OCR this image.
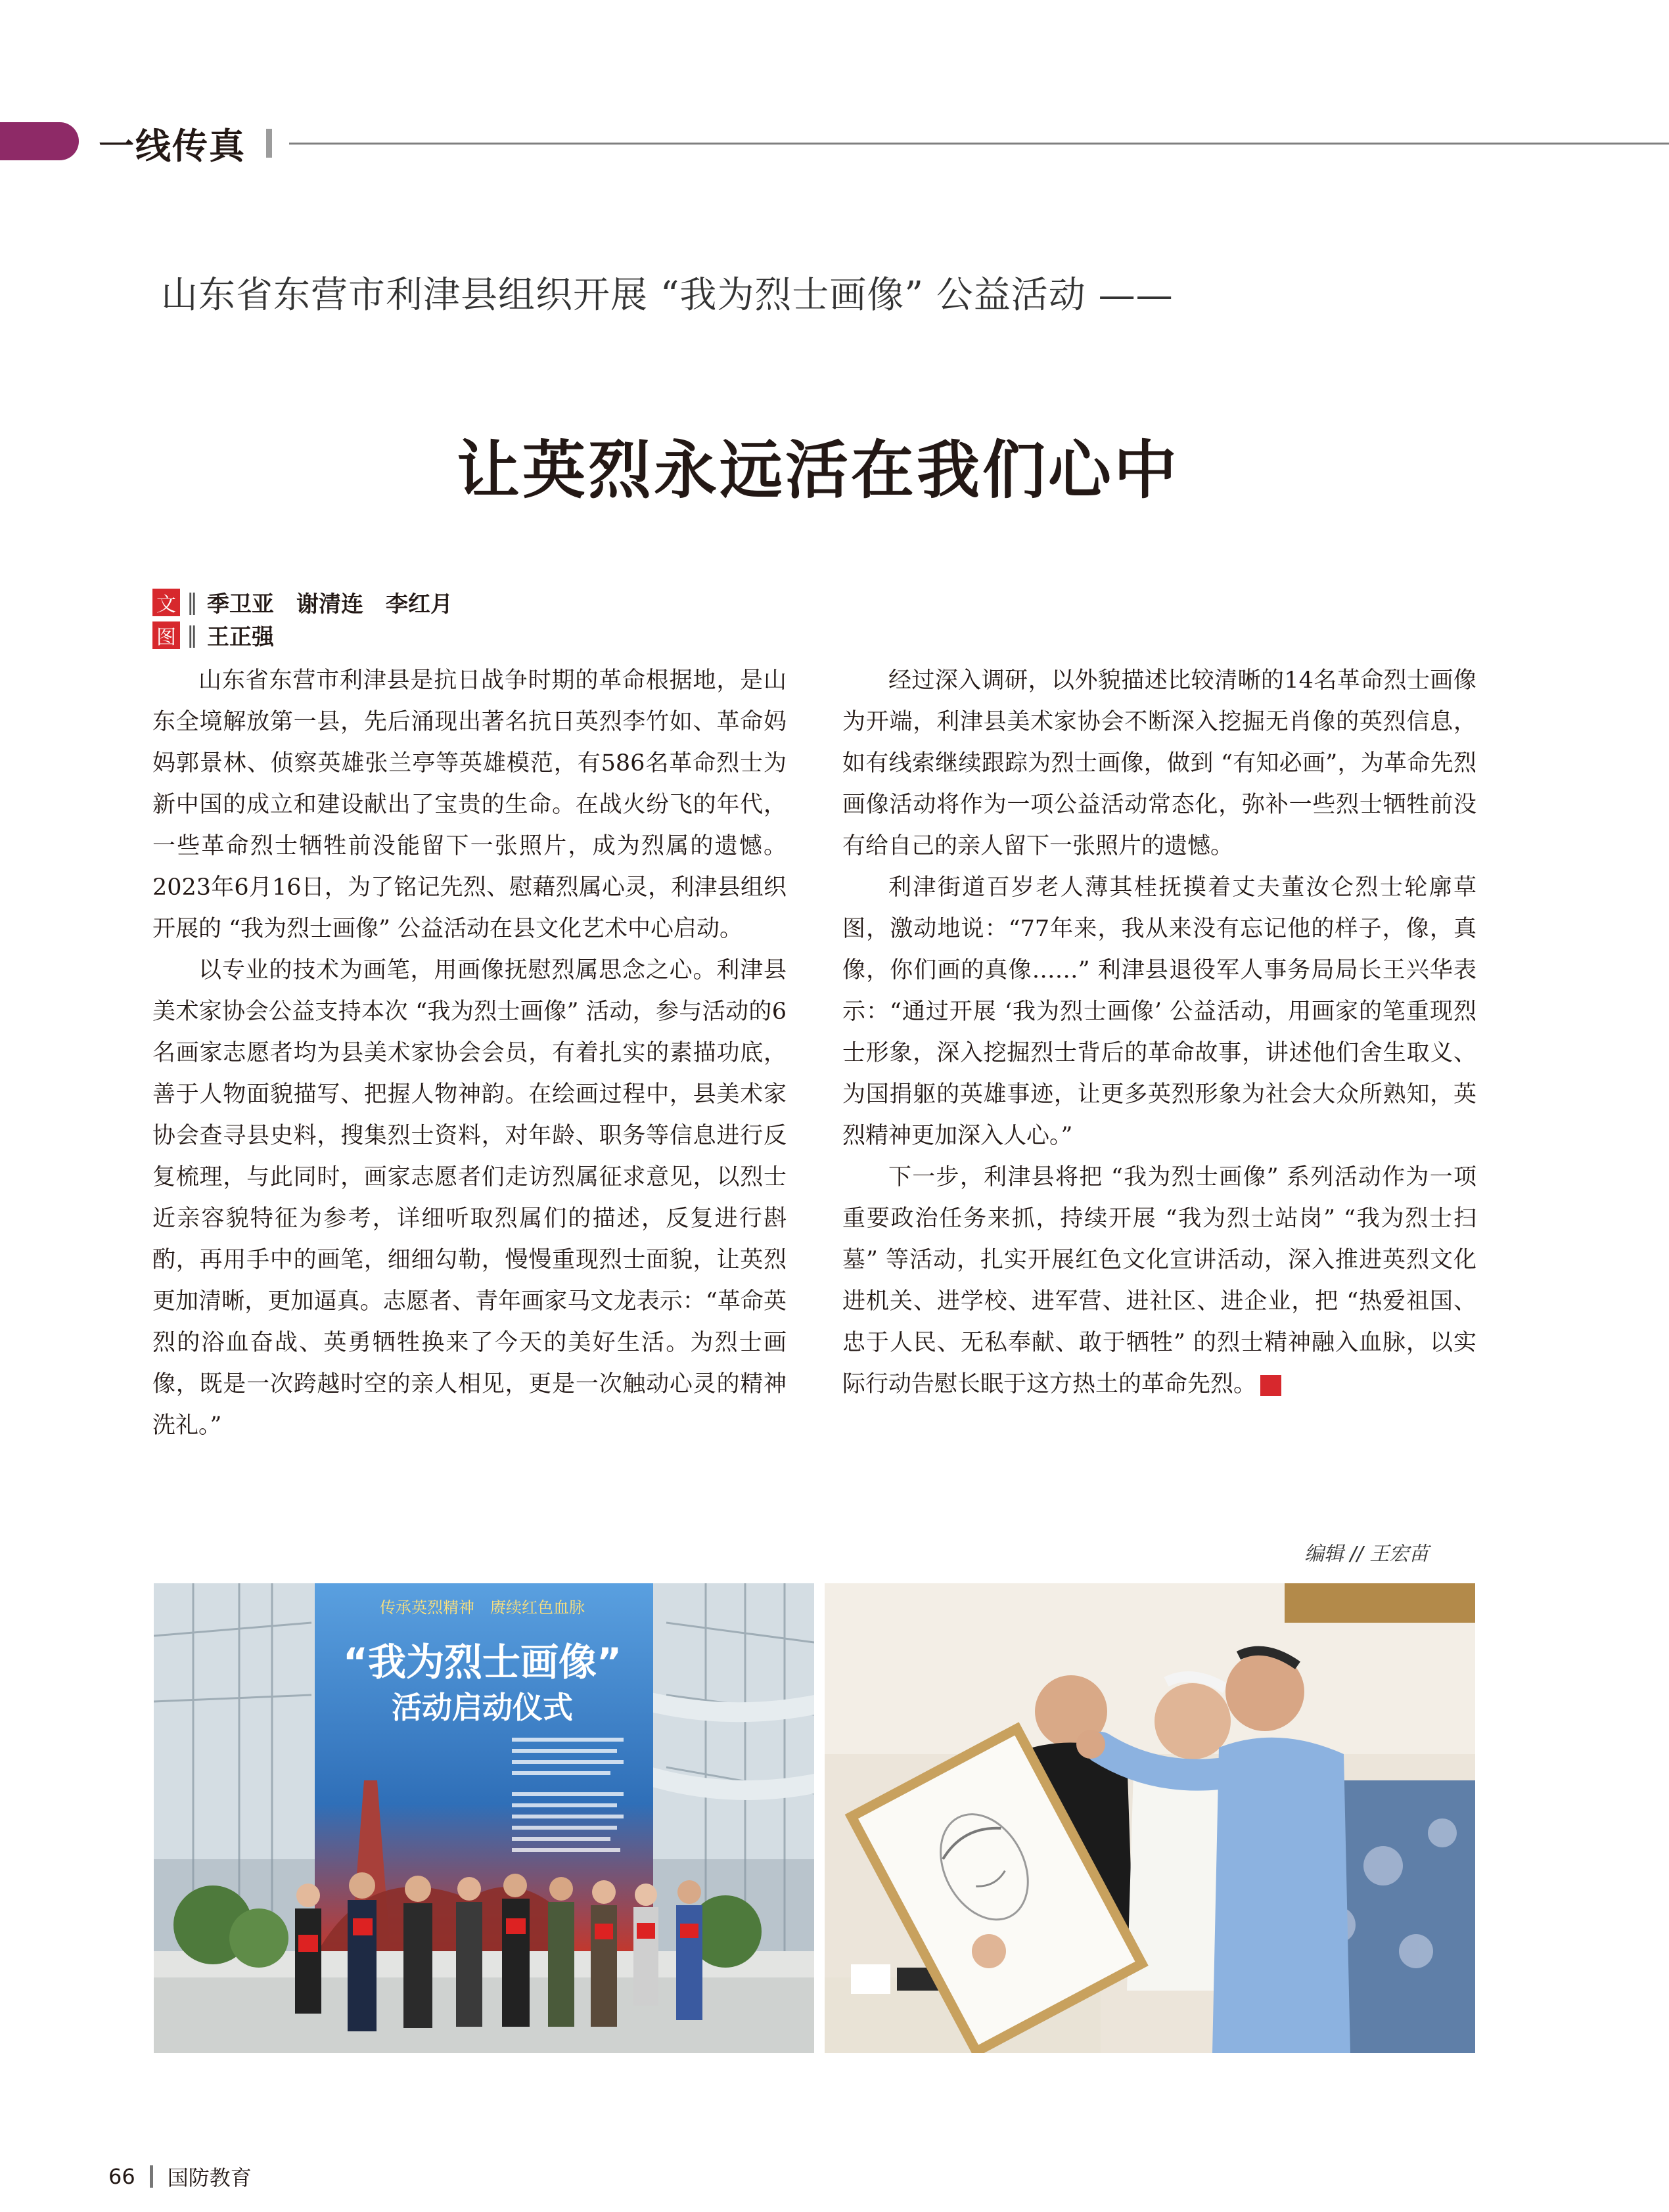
一线传真
山东省东营市利津县组织开展 “我为烈士画像” 公益活动 ——
让英烈永远活在我们心中
文 ‖ 季卫亚　谢清连　李红月
图 ‖ 王正强

山东省东营市利津县是抗日战争时期的革命根据地，是山东全境解放第一县，先后涌现出著名抗日英烈李竹如、革命妈妈郭景林、侦察英雄张兰亭等英雄模范，有586名革命烈士为新中国的成立和建设献出了宝贵的生命。在战火纷飞的年代，一些革命烈士牺牲前没能留下一张照片，成为烈属的遗憾。2023年6月16日，为了铭记先烈、慰藉烈属心灵，利津县组织开展的 “我为烈士画像” 公益活动在县文化艺术中心启动。

以专业的技术为画笔，用画像抚慰烈属思念之心。利津县美术家协会公益支持本次 “我为烈士画像” 活动，参与活动的6名画家志愿者均为县美术家协会会员，有着扎实的素描功底，善于人物面貌描写、把握人物神韵。在绘画过程中，县美术家协会查寻县史料，搜集烈士资料，对年龄、职务等信息进行反复梳理，与此同时，画家志愿者们走访烈属征求意见，以烈士近亲容貌特征为参考，详细听取烈属们的描述，反复进行斟酌，再用手中的画笔，细细勾勒，慢慢重现烈士面貌，让英烈更加清晰，更加逼真。志愿者、青年画家马文龙表示：“革命英烈的浴血奋战、英勇牺牲换来了今天的美好生活。为烈士画像，既是一次跨越时空的亲人相见，更是一次触动心灵的精神洗礼。”

经过深入调研，以外貌描述比较清晰的14名革命烈士画像为开端，利津县美术家协会不断深入挖掘无肖像的英烈信息，如有线索继续跟踪为烈士画像，做到 “有知必画”，为革命先烈画像活动将作为一项公益活动常态化，弥补一些烈士牺牲前没有给自己的亲人留下一张照片的遗憾。

利津街道百岁老人薄其桂抚摸着丈夫董汝仑烈士轮廓草图，激动地说：“77年来，我从来没有忘记他的样子，像，真像，你们画的真像……” 利津县退役军人事务局局长王兴华表示：“通过开展 ‘我为烈士画像’ 公益活动，用画家的笔重现烈士形象，深入挖掘烈士背后的革命故事，讲述他们舍生取义、为国捐躯的英雄事迹，让更多英烈形象为社会大众所熟知，英烈精神更加深入人心。”

下一步，利津县将把 “我为烈士画像” 系列活动作为一项重要政治任务来抓，持续开展 “我为烈士站岗” “我为烈士扫墓” 等活动，扎实开展红色文化宣讲活动，深入推进英烈文化进机关、进学校、进军营、进社区、进企业，把 “热爱祖国、忠于人民、无私奉献、敢于牺牲” 的烈士精神融入血脉，以实际行动告慰长眠于这方热土的革命先烈。 G

编辑 // 王宏苗
传承英烈精神　赓续红色血脉
“我为烈士画像”
活动启动仪式
66 国防教育
